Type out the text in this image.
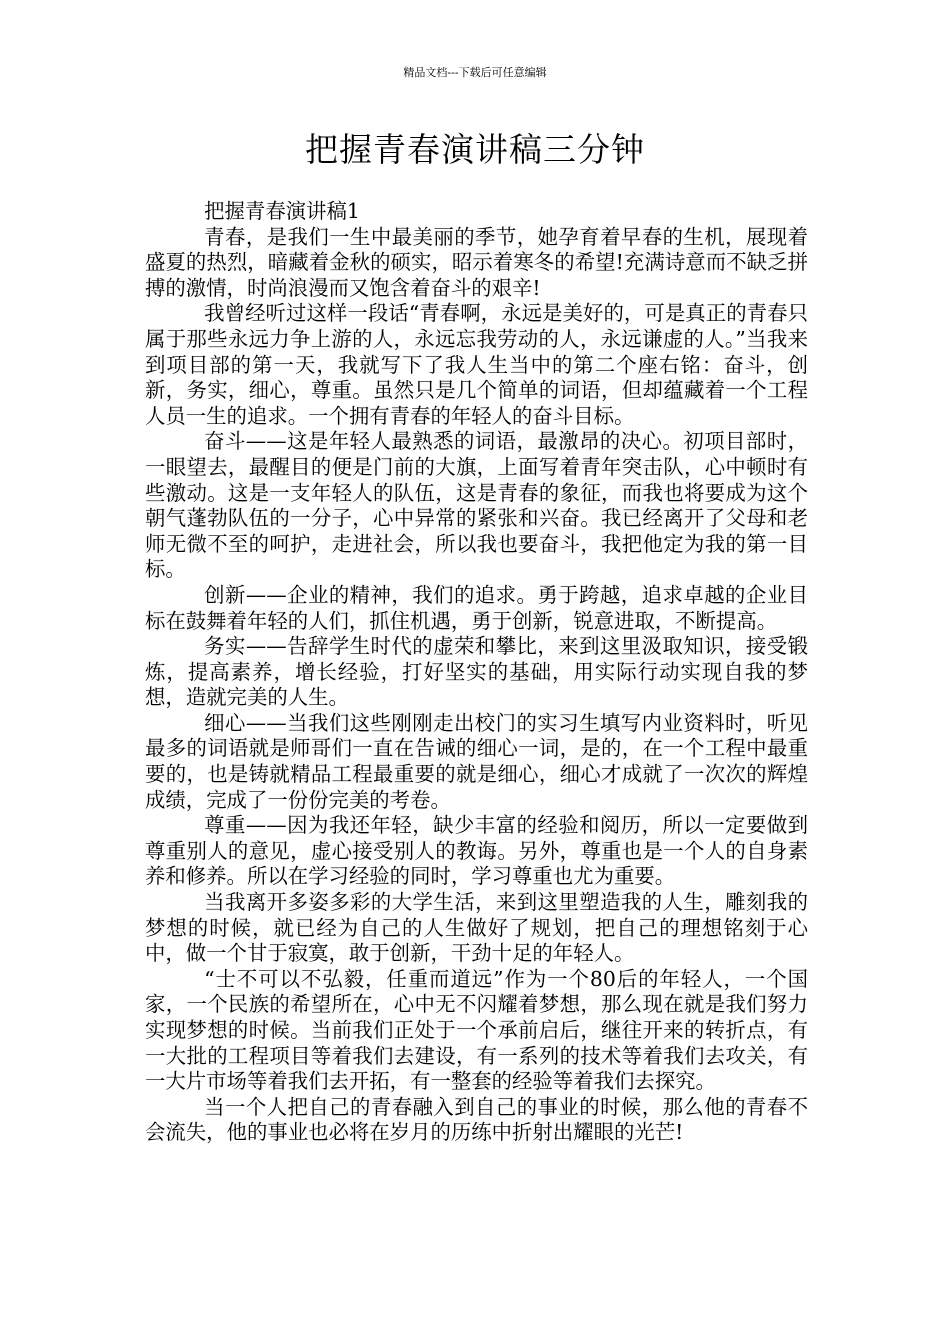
精品文档---下载后可任意编辑
把握青春演讲稿三分钟

把握青春演讲稿1

青春，是我们一生中最美丽的季节，她孕育着早春的生机，展现着盛夏的热烈，暗藏着金秋的硕实，昭示着寒冬的希望!充满诗意而不缺乏拼搏的激情，时尚浪漫而又饱含着奋斗的艰辛!

我曾经听过这样一段话“青春啊，永远是美好的，可是真正的青春只属于那些永远力争上游的人，永远忘我劳动的人，永远谦虚的人。”当我来到项目部的第一天，我就写下了我人生当中的第二个座右铭：奋斗，创新，务实，细心，尊重。虽然只是几个简单的词语，但却蕴藏着一个工程人员一生的追求。一个拥有青春的年轻人的奋斗目标。

奋斗——这是年轻人最熟悉的词语，最激昂的决心。初项目部时，一眼望去，最醒目的便是门前的大旗，上面写着青年突击队，心中顿时有些激动。这是一支年轻人的队伍，这是青春的象征，而我也将要成为这个朝气蓬勃队伍的一分子，心中异常的紧张和兴奋。我已经离开了父母和老师无微不至的呵护，走进社会，所以我也要奋斗，我把他定为我的第一目标。

创新——企业的精神，我们的追求。勇于跨越，追求卓越的企业目标在鼓舞着年轻的人们，抓住机遇，勇于创新，锐意进取，不断提高。

务实——告辞学生时代的虚荣和攀比，来到这里汲取知识，接受锻炼，提高素养，增长经验，打好坚实的基础，用实际行动实现自我的梦想，造就完美的人生。

细心——当我们这些刚刚走出校门的实习生填写内业资料时，听见最多的词语就是师哥们一直在告诫的细心一词，是的，在一个工程中最重要的，也是铸就精品工程最重要的就是细心，细心才成就了一次次的辉煌成绩，完成了一份份完美的考卷。

尊重——因为我还年轻，缺少丰富的经验和阅历，所以一定要做到尊重别人的意见，虚心接受别人的教诲。另外，尊重也是一个人的自身素养和修养。所以在学习经验的同时，学习尊重也尤为重要。

当我离开多姿多彩的大学生活，来到这里塑造我的人生，雕刻我的梦想的时候，就已经为自己的人生做好了规划，把自己的理想铭刻于心中，做一个甘于寂寞，敢于创新，干劲十足的年轻人。

“士不可以不弘毅，任重而道远”作为一个80后的年轻人，一个国家，一个民族的希望所在，心中无不闪耀着梦想，那么现在就是我们努力实现梦想的时候。当前我们正处于一个承前启后，继往开来的转折点，有一大批的工程项目等着我们去建设，有一系列的技术等着我们去攻关，有一大片市场等着我们去开拓，有一整套的经验等着我们去探究。

当一个人把自己的青春融入到自己的事业的时候，那么他的青春不会流失，他的事业也必将在岁月的历练中折射出耀眼的光芒!
